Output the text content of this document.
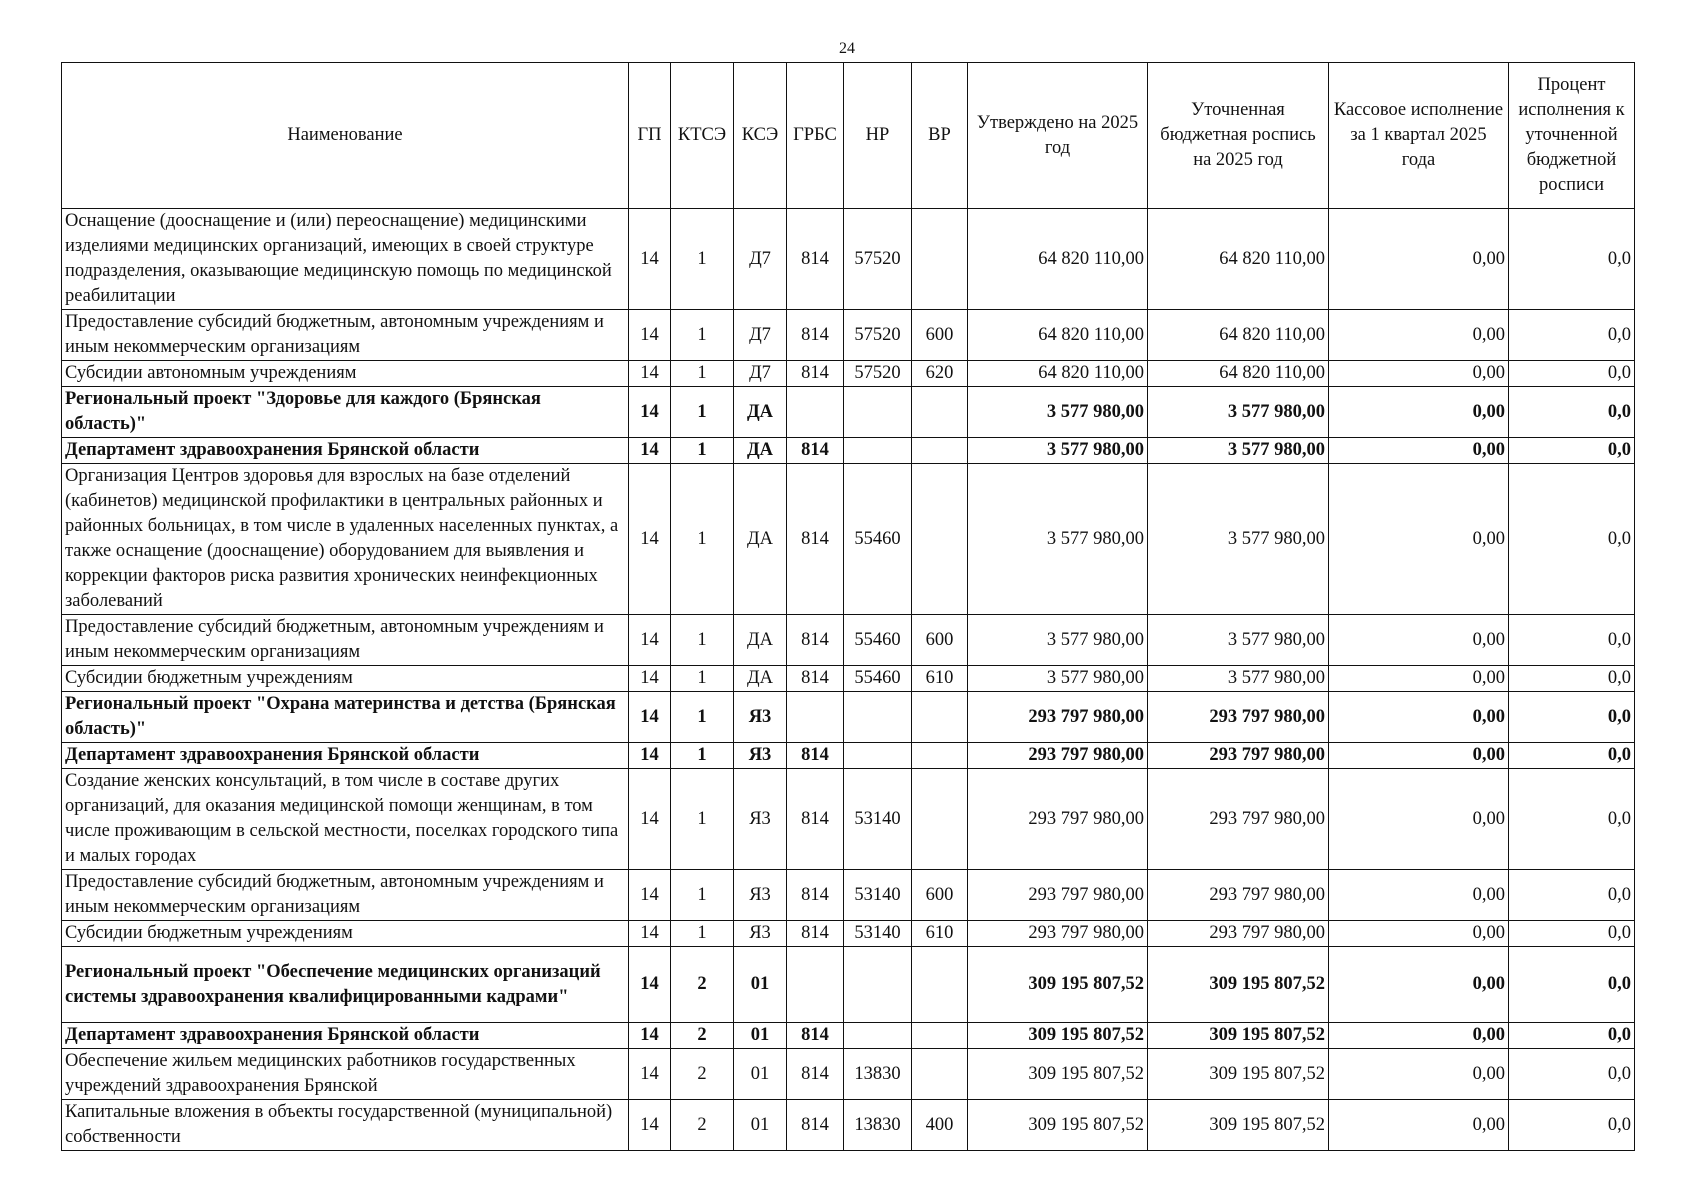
24
Наименование	ГП	КТСЭ	КСЭ	ГРБС	НР	ВР	Утверждено на 2025 год	Уточненная бюджетная роспись на 2025 год	Кассовое исполнение за 1 квартал 2025 года	Процент исполнения к уточненной бюджетной росписи
Оснащение (дооснащение и (или) переоснащение) медицинскими изделиями медицинских организаций, имеющих в своей структуре подразделения, оказывающие медицинскую помощь по медицинской реабилитации	14	1	Д7	814	57520		64 820 110,00	64 820 110,00	0,00	0,0
Предоставление субсидий бюджетным, автономным учреждениям и иным некоммерческим организациям	14	1	Д7	814	57520	600	64 820 110,00	64 820 110,00	0,00	0,0
Субсидии автономным учреждениям	14	1	Д7	814	57520	620	64 820 110,00	64 820 110,00	0,00	0,0
Региональный проект "Здоровье для каждого (Брянская область)"	14	1	ДА				3 577 980,00	3 577 980,00	0,00	0,0
Департамент здравоохранения Брянской области	14	1	ДА	814			3 577 980,00	3 577 980,00	0,00	0,0
Организация Центров здоровья для взрослых на базе отделений (кабинетов) медицинской профилактики в центральных районных и районных больницах, в том числе в удаленных населенных пунктах, а также оснащение (дооснащение) оборудованием для выявления и коррекции факторов риска развития хронических неинфекционных заболеваний	14	1	ДА	814	55460		3 577 980,00	3 577 980,00	0,00	0,0
Предоставление субсидий бюджетным, автономным учреждениям и иным некоммерческим организациям	14	1	ДА	814	55460	600	3 577 980,00	3 577 980,00	0,00	0,0
Субсидии бюджетным учреждениям	14	1	ДА	814	55460	610	3 577 980,00	3 577 980,00	0,00	0,0
Региональный проект "Охрана материнства и детства (Брянская область)"	14	1	Я3				293 797 980,00	293 797 980,00	0,00	0,0
Департамент здравоохранения Брянской области	14	1	Я3	814			293 797 980,00	293 797 980,00	0,00	0,0
Создание женских консультаций, в том числе в составе других организаций, для оказания медицинской помощи женщинам, в том числе проживающим в сельской местности, поселках городского типа и малых городах	14	1	Я3	814	53140		293 797 980,00	293 797 980,00	0,00	0,0
Предоставление субсидий бюджетным, автономным учреждениям и иным некоммерческим организациям	14	1	Я3	814	53140	600	293 797 980,00	293 797 980,00	0,00	0,0
Субсидии бюджетным учреждениям	14	1	Я3	814	53140	610	293 797 980,00	293 797 980,00	0,00	0,0
Региональный проект "Обеспечение медицинских организаций системы здравоохранения квалифицированными кадрами"	14	2	01				309 195 807,52	309 195 807,52	0,00	0,0
Департамент здравоохранения Брянской области	14	2	01	814			309 195 807,52	309 195 807,52	0,00	0,0
Обеспечение жильем медицинских работников государственных учреждений здравоохранения Брянской	14	2	01	814	13830		309 195 807,52	309 195 807,52	0,00	0,0
Капитальные вложения в объекты государственной (муниципальной) собственности	14	2	01	814	13830	400	309 195 807,52	309 195 807,52	0,00	0,0
